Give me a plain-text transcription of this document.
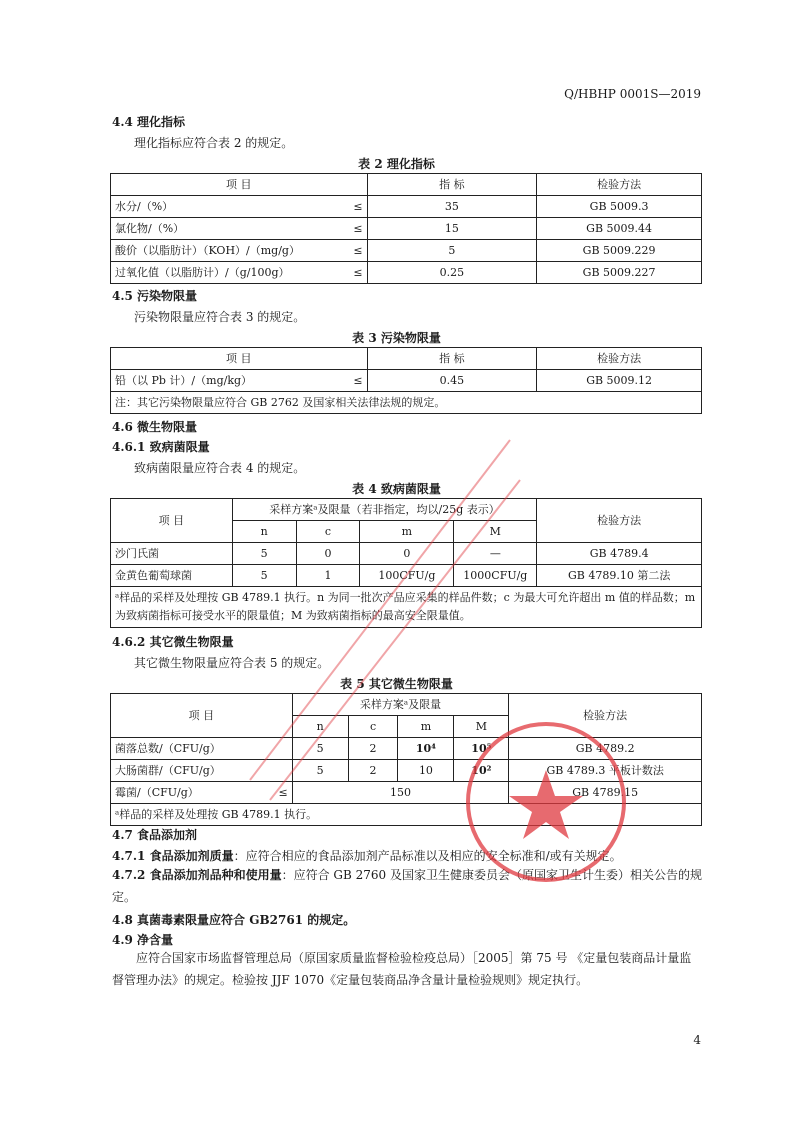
Q/HBHP 0001S—2019
4.4 理化指标
理化指标应符合表 2 的规定。
表 2 理化指标
项 目	指 标	检验方法
水分/（%） ≤	35	GB 5009.3
氯化物/（%） ≤	15	GB 5009.44
酸价（以脂肪计）（KOH）/（mg/g） ≤	5	GB 5009.229
过氧化值（以脂肪计）/（g/100g） ≤	0.25	GB 5009.227
4.5 污染物限量
污染物限量应符合表 3 的规定。
表 3 污染物限量
项 目	指 标	检验方法
铅（以 Pb 计）/（mg/kg） ≤	0.45	GB 5009.12
注：其它污染物限量应符合 GB 2762 及国家相关法律法规的规定。		
4.6 微生物限量
4.6.1 致病菌限量
致病菌限量应符合表 4 的规定。
表 4 致病菌限量
项 目	采样方案ᵃ及限量（若非指定，均以/25g 表示）				检验方法
	n	c	m	M	
沙门氏菌	5	0	0	—	GB 4789.4
金黄色葡萄球菌	5	1	100CFU/g	1000CFU/g	GB 4789.10 第二法
ᵃ样品的采样及处理按 GB 4789.1 执行。n 为同一批次产品应采集的样品件数；c 为最大可允许超出 m 值的样品数；m 为致病菌指标可接受水平的限量值；M 为致病菌指标的最高安全限量值。					
4.6.2 其它微生物限量
其它微生物限量应符合表 5 的规定。
表 5 其它微生物限量
项 目	采样方案ᵃ及限量				检验方法
	n	c	m	M	
菌落总数/（CFU/g）	5	2	10⁴	10⁵	GB 4789.2
大肠菌群/（CFU/g）	5	2	10	10²	GB 4789.3 平板计数法
霉菌/（CFU/g） ≤	150				GB 4789.15
ᵃ样品的采样及处理按 GB 4789.1 执行。					
4.7 食品添加剂
4.7.1 食品添加剂质量：应符合相应的食品添加剂产品标准以及相应的安全标准和/或有关规定。
4.7.2 食品添加剂品种和使用量：应符合 GB 2760 及国家卫生健康委员会（原国家卫生计生委）相关公告的规定。
4.8 真菌毒素限量应符合 GB2761 的规定。
4.9 净含量
应符合国家市场监督管理总局（原国家质量监督检验检疫总局）［2005］第 75 号 《定量包装商品计量监督管理办法》的规定。检验按 JJF 1070《定量包装商品净含量计量检验规则》规定执行。
4
